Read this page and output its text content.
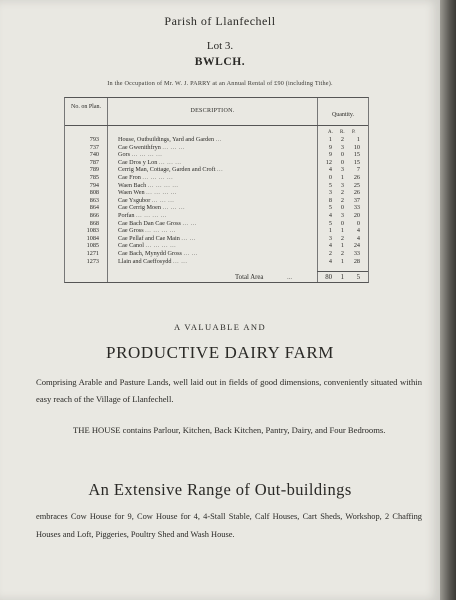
Parish of Llanfechell
Lot 3.
BWLCH.
In the Occupation of Mr. W. J. PARRY at an Annual Rental of £90 (including Tithe).
No. on Plan.
DESCRIPTION.
Quantity.
A. R. P.
793	House, Outbuildings, Yard and Garden ...	1	2	1
737	Cae Gwenithfryn ... ... ...	9	3	10
740	Gors ... ... ... ...	9	0	15
787	Cae Dros y Lon ... ... ...	12	0	15
789	Cerrig Man, Cottage, Garden and Croft ...	4	3	7
785	Cae Fron ... ... ... ...	0	1	26
794	Waen Bach ... ... ... ...	5	3	25
808	Waen Wen ... ... ... ...	3	2	26
863	Cae Ysgubor ... ... ...	8	2	37
864	Cae Cerrig Moen ... ... ...	5	0	33
866	Porfan ... ... ... ...	4	3	20
868	Cae Bach Dan Cae Gross ... ...	5	0	0
1083	Cae Gross ... ... ... ...	1	1	4
1084	Cae Pellaf and Cae Main ... ...	3	2	4
1085	Cae Canol ... ... ... ...	4	1	24
1271	Cae Bach, Mynydd Gross ... ...	2	2	33
1273	Llain and Caeffosydd ... ...	4	1	28
Total Area	...	80	1	5
A VALUABLE AND
PRODUCTIVE DAIRY FARM
Comprising Arable and Pasture Lands, well laid out in fields of good dimensions, conveniently situated within easy reach of the Village of Llanfechell.
THE HOUSE contains Parlour, Kitchen, Back Kitchen, Pantry, Dairy, and Four Bedrooms.
An Extensive Range of Out-buildings
embraces Cow House for 9, Cow House for 4, 4-Stall Stable, Calf Houses, Cart Sheds, Workshop, 2 Chaffing Houses and Loft, Piggeries, Poultry Shed and Wash House.
